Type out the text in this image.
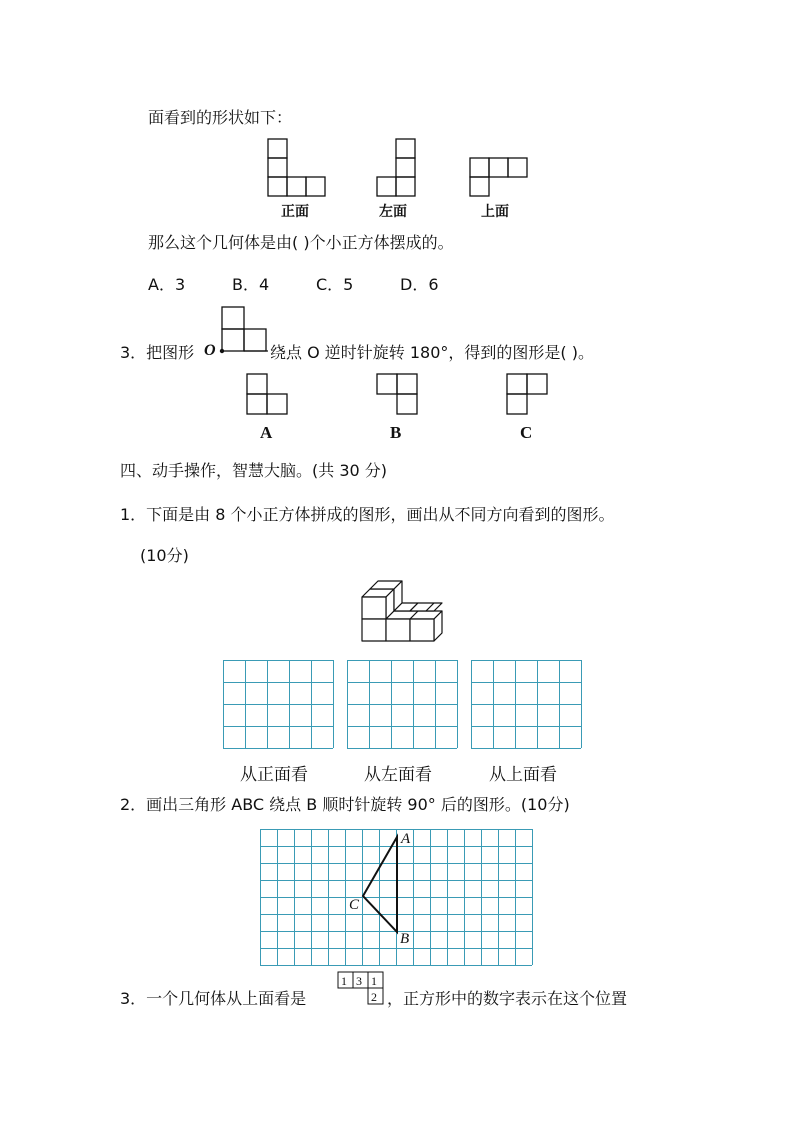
面看到的形状如下：
正面	左面	上面
那么这个几何体是由( )个小正方体摆成的。
A．3	B．4	C．5	D．6
3．把图形 O	绕点 O 逆时针旋转 180°，得到的图形是( )。
A	B	C
四、动手操作，智慧大脑。(共 30 分)
1．下面是由 8 个小正方体拼成的图形，画出从不同方向看到的图形。
(10分)
从正面看	从左面看	从上面看
2．画出三角形 ABC 绕点 B 顺时针旋转 90° 后的图形。(10分)
A
B
C
3．一个几何体从上面看是
1 3 1
2 ，正方形中的数字表示在这个位置
